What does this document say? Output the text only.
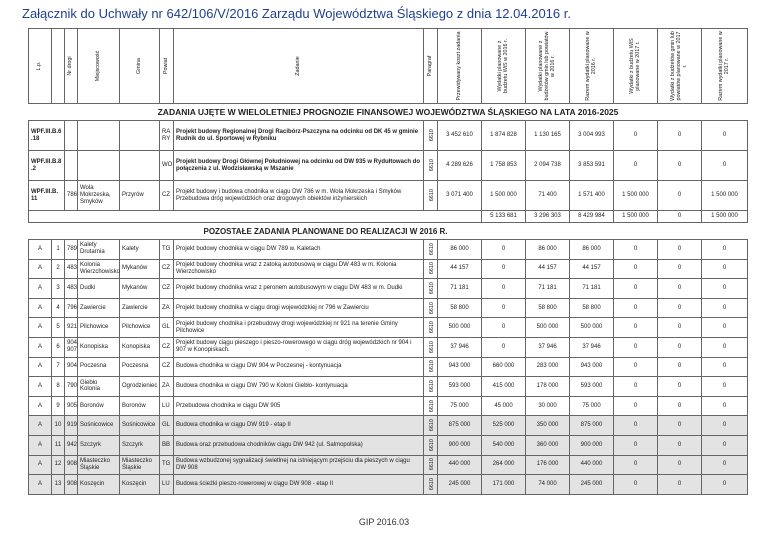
Załącznik do Uchwały nr 642/106/V/2016 Zarządu Województwa Śląskiego z dnia 12.04.2016 r.
L.p.		Nr drogi	Miejscowość	Gmina	Powiat	Zadanie	Paragraf	Przewidywany koszt zadania	Wydatki planowane z budżetu WiS w 2016 r.	Wydatki planowane z budżetów gmin lub powiatów w 2016 r.	Razem wydatki planowane w 2016 r.	Wydatki z budżetu WiS planowane w 2017 r.	Wydatki z budżetów gmin lub powiatów planowane w 2017 r.	Razem wydatki planowane w 2017 r.

ZADANIA UJĘTE W WIELOLETNIEJ PROGNOZIE FINANSOWEJ WOJEWÓDZTWA ŚLĄSKIEGO NA LATA 2016-2025														
WPF.III.B.6 .18					RA RY	Projekt budowy Regionalnej Drogi Racibórz-Pszczyna na odcinku od DK 45 w gminie Rudnik do ul. Sportowej w Rybniku	6610	3 452 610	1 874 828	1 130 165	3 004 993	0	0	0
WPF.III.B.8 .2					WO	Projekt budowy Drogi Głównej Południowej na odcinku od DW 935 w Rydułtowach do połączenia z ul. Wodzisławską w Mszanie	6610	4 289 626	1 758 853	2 094 738	3 853 591	0	0	0
WPF.III.B. 11		786	Wola Mokrzeska, Smyków	Przyrów	CZ	Projekt budowy i budowa chodnika w ciągu DW 786 w m. Wola Mokrzeska i Smyków Przebudowa dróg wojewódzkich oraz drogowych obiektów inżynierskich	6610	3 071 400	1 500 000	71 400	1 571 400	1 500 000	0	1 500 000
									5 133 681	3 296 303	8 429 984	1 500 000	0	1 500 000
POZOSTAŁE ZADANIA PLANOWANE DO REALIZACJI W 2016 R.														
A	1	789	Kalety Drutarnia	Kalety	TG	Projekt budowy chodnika w ciągu DW 789 w. Kaletach	6610	86 000	0	86 000	86 000	0	0	0
A	2	483	Kolonia Wierzchowisko	Mykanów	CZ	Projekt budowy chodnika wraz z zatoką autobusową w ciągu DW 483 w m. Kolonia Wierzchowisko	6610	44 157	0	44 157	44 157	0	0	0
A	3	483	Dudki	Mykanów	CZ	Projekt budowy chodnika wraz z peronem autobusowym w ciągu DW 483 w m. Dudki	6610	71 181	0	71 181	71 181	0	0	0
A	4	796	Zawiercie	Zawiercie	ZA	Projekt budowy chodnika w ciągu drogi wojewódzkiej nr 796 w Zawierciu	6610	58 800	0	58 800	58 800	0	0	0
A	5	921	Pilchowice	Pilchowice	GL	Projekt budowy chodnika i przebudowy drogi wojewódzkiej nr 921 na terenie Gminy Pilchowice	6610	500 000	0	500 000	500 000	0	0	0
A	6	904, 907	Konopiska	Konopiska	CZ	Projekt budowy ciągu pieszego i pieszo-rowerowego w ciągu dróg wojewódzkich nr 904 i 907 w Konopiskach.	6610	37 946	0	37 946	37 946	0	0	0
A	7	904	Poczesna	Poczesna	CZ	Budowa chodnika w ciągu DW 904 w Poczesnej - kontynuacja	6610	943 000	660 000	283 000	943 000	0	0	0
A	8	790	Giebło Kolonia	Ogrodzieniec	ZA	Budowa chodnika w ciągu DW 790 w Koloni Giebło- kontynuacja	6610	593 000	415 000	178 000	593 000	0	0	0
A	9	905	Boronów	Boronów	LU	Przebudowa chodnika w ciągu DW 905	6610	75 000	45 000	30 000	75 000	0	0	0
A	10	919	Sośnicowice	Sośnicowice	GL	Budowa chodnika w ciągu DW 919 - etap II	6610	875 000	525 000	350 000	875 000	0	0	0
A	11	942	Szczyrk	Szczyrk	BB	Budowa oraz przebudowa chodników ciągu DW 942 (ul. Salmopolska)	6610	900 000	540 000	360 000	900 000	0	0	0
A	12	908	Miasteczko Śląskie	Miasteczko Śląskie	TG	Budowa wzbudzonej sygnalizacji świetlnej na istniejącym przejściu dla pieszych w ciągu DW 908	6610	440 000	264 000	176 000	440 000	0	0	0
A	13	908	Koszęcin	Koszęcin	LU	Budowa ścieżki pieszo-rowerowej w ciągu DW 908 - etap II	6610	245 000	171 000	74 000	245 000	0	0	0
GIP 2016.03
